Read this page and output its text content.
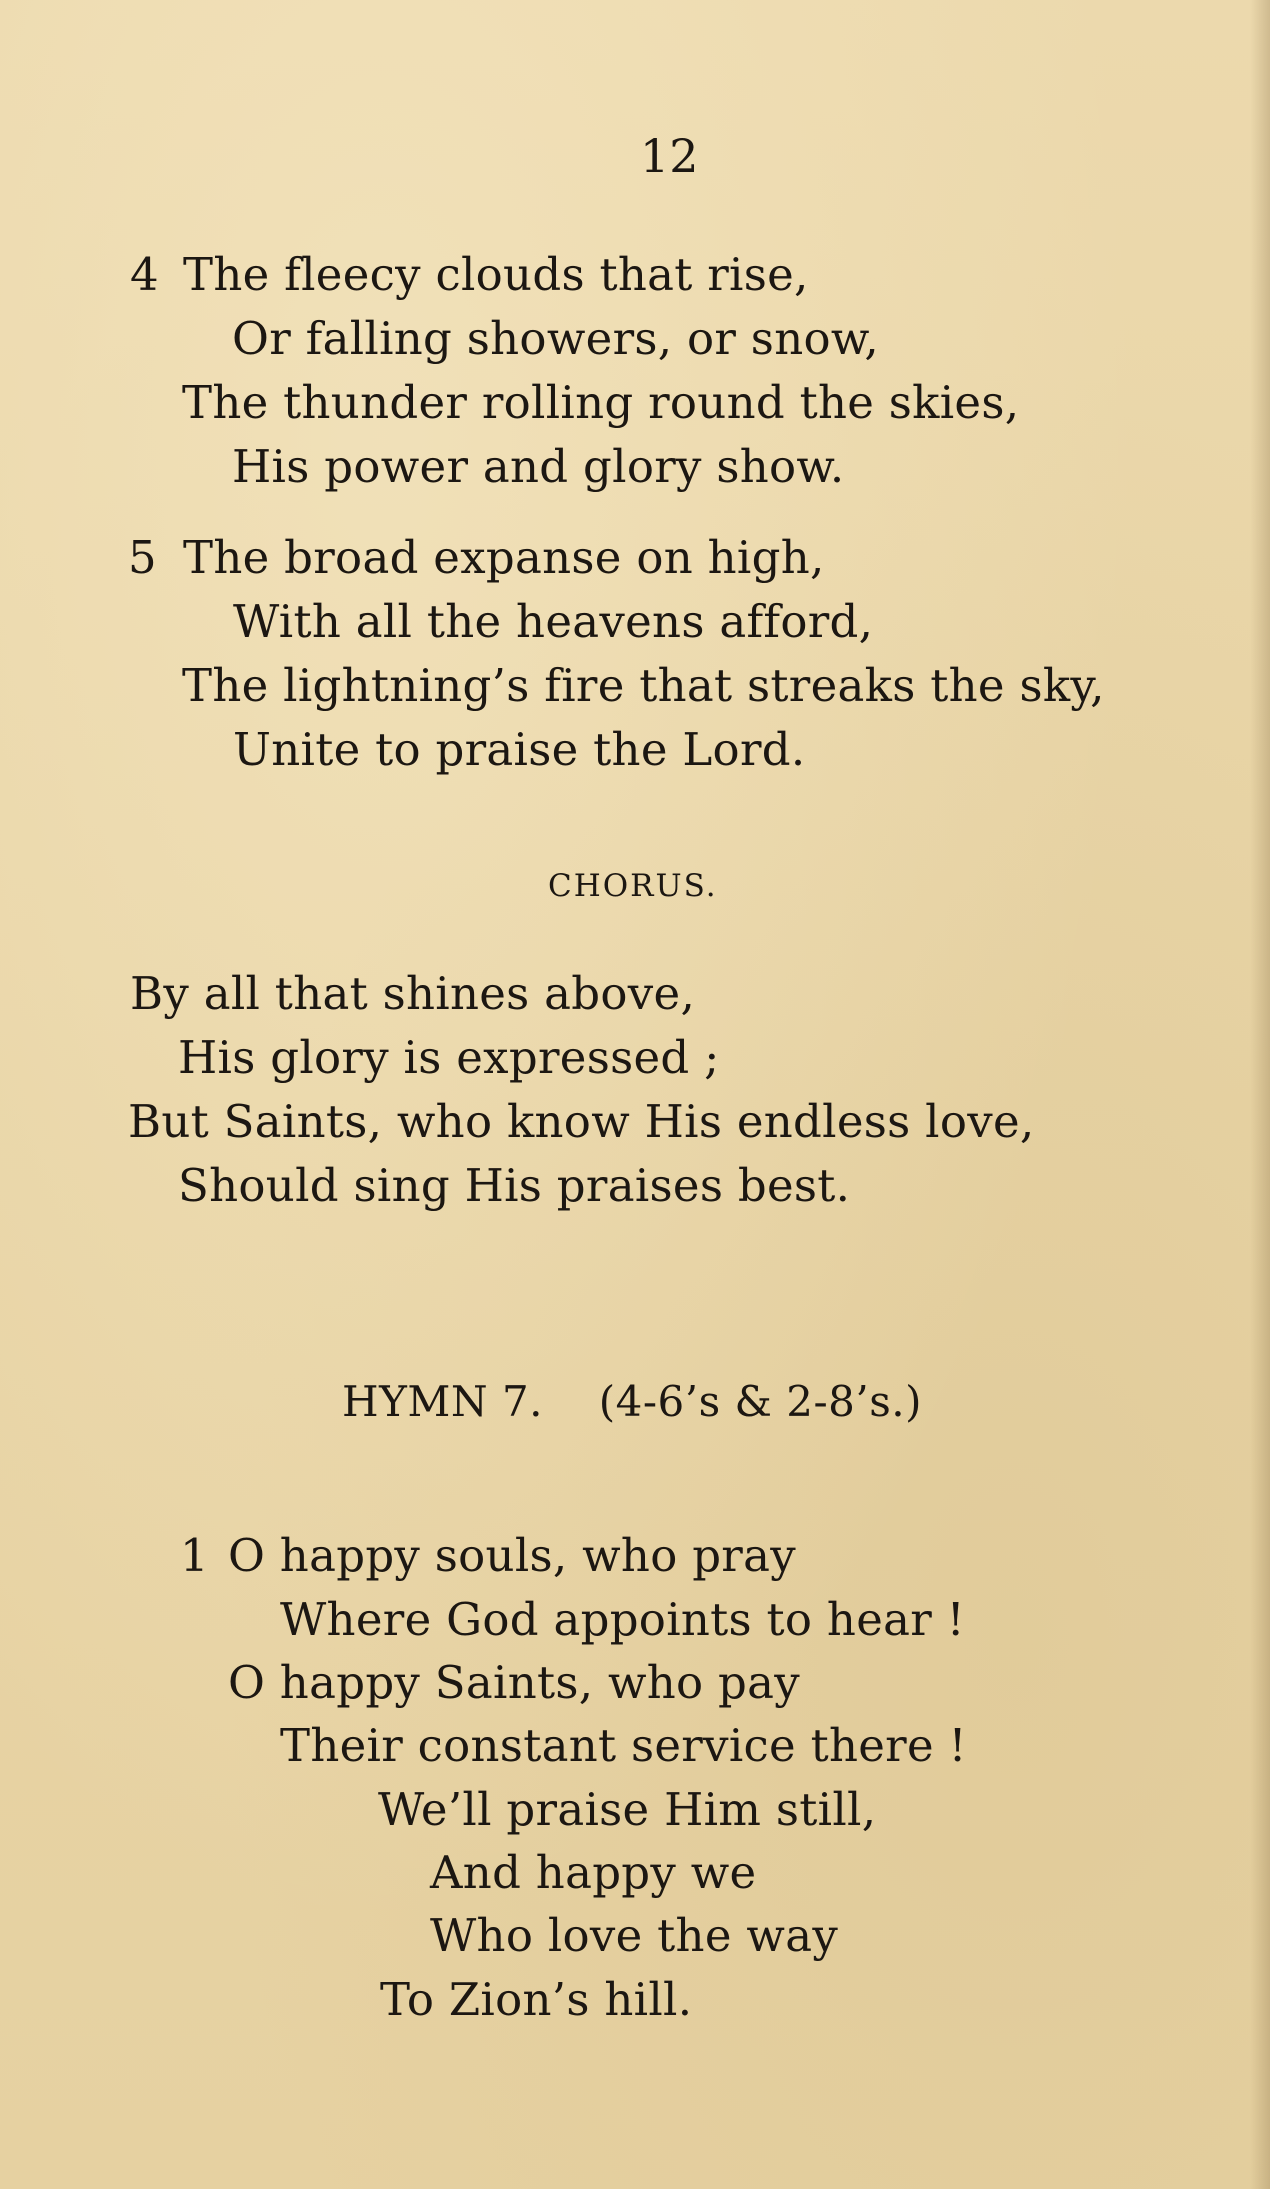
12
4 The fleecy clouds that rise,
Or falling showers, or snow,
The thunder rolling round the skies,
His power and glory show.
5 The broad expanse on high,
With all the heavens afford,
The lightning’s fire that streaks the sky,
Unite to praise the Lord.
CHORUS.
By all that shines above,
His glory is expressed ;
But Saints, who know His endless love,
Should sing His praises best.
HYMN 7. (4-6’s & 2-8’s.)
1 O happy souls, who pray
Where God appoints to hear !
O happy Saints, who pay
Their constant service there !
We’ll praise Him still,
And happy we
Who love the way
To Zion’s hill.
